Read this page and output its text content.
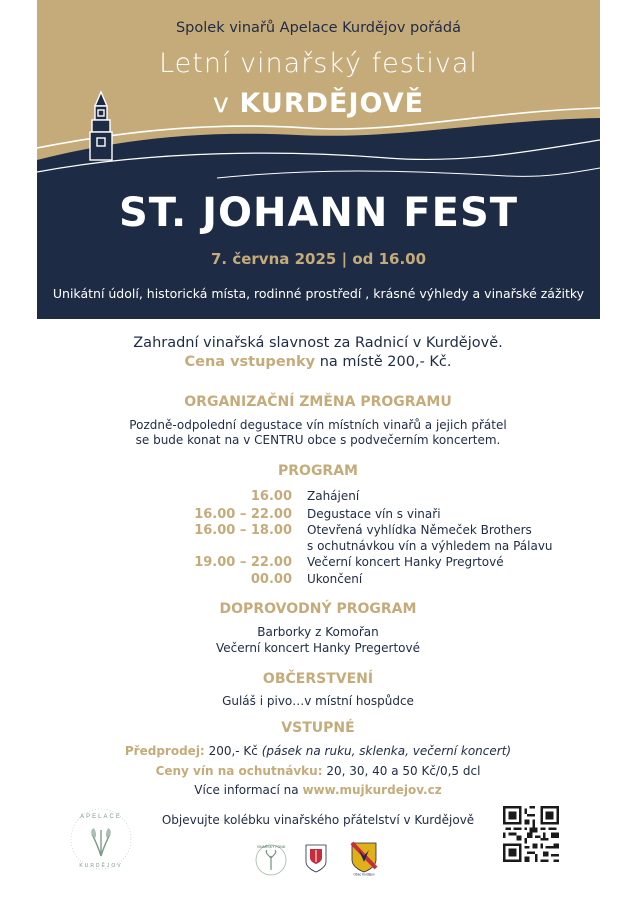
Spolek vinařů Apelace Kurdějov pořádá
Letní vinařský festival
v KURDĚJOVĚ
ST. JOHANN FEST
7. června 2025 | od 16.00
Unikátní údolí, historická místa, rodinné prostředí , krásné výhledy a vinařské zážitky
Zahradní vinařská slavnost za Radnicí v Kurdějově.
Cena vstupenky na místě 200,- Kč.
ORGANIZAČNÍ ZMĚNA PROGRAMU
Pozdně-odpolední degustace vín místních vinařů a jejich přátel
se bude konat na v CENTRU obce s podvečerním koncertem.
PROGRAM
16.00 Zahájení
16.00 – 22.00 Degustace vín s vinaři
16.00 – 18.00 Otevřená vyhlídka Němeček Brothers
s ochutnávkou vín a výhledem na Pálavu
19.00 – 22.00 Večerní koncert Hanky Pregrtové
00.00 Ukončení
DOPROVODNÝ PROGRAM
Barborky z Komořan
Večerní koncert Hanky Pregertové
OBČERSTVENÍ
Guláš i pivo…v místní hospůdce
VSTUPNÉ
Předprodej: 200,- Kč (pásek na ruku, sklenka, večerní koncert)
Ceny vín na ochutnávku: 20, 30, 40 a 50 Kč/0,5 dcl
Více informací na www.mujkurdejov.cz
Objevujte kolébku vinařského přátelství v Kurdějově
APELACE
KURDĚJOV
VINAŘSKÝ FOND
Obec Kurdějov
